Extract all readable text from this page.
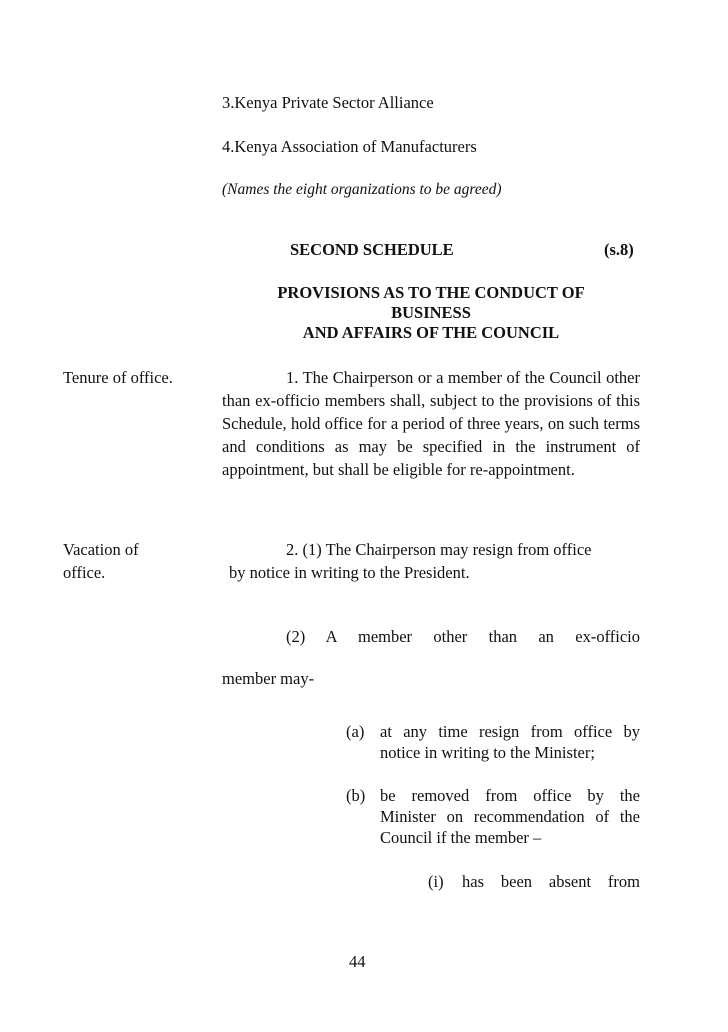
3.Kenya Private Sector Alliance
4.Kenya Association of Manufacturers
(Names the eight organizations to be agreed)
SECOND SCHEDULE	(s.8)
PROVISIONS AS TO THE CONDUCT OF
BUSINESS
AND AFFAIRS OF THE COUNCIL
Tenure of office.	1. The Chairperson or a member of the Council other than ex-officio members shall, subject to the provisions of this Schedule, hold office for a period of three years, on such terms and conditions as may be specified in the instrument of appointment, but shall be eligible for re-appointment.
Vacation of
office.
2. (1) The Chairperson may resign from office
by notice in writing to the President.
(2) A member other than an ex-officio
member may-
(a) at any time resign from office by notice in writing to the Minister;
(b) be removed from office by the Minister on recommendation of the Council if the member –
(i) has been absent from
44
